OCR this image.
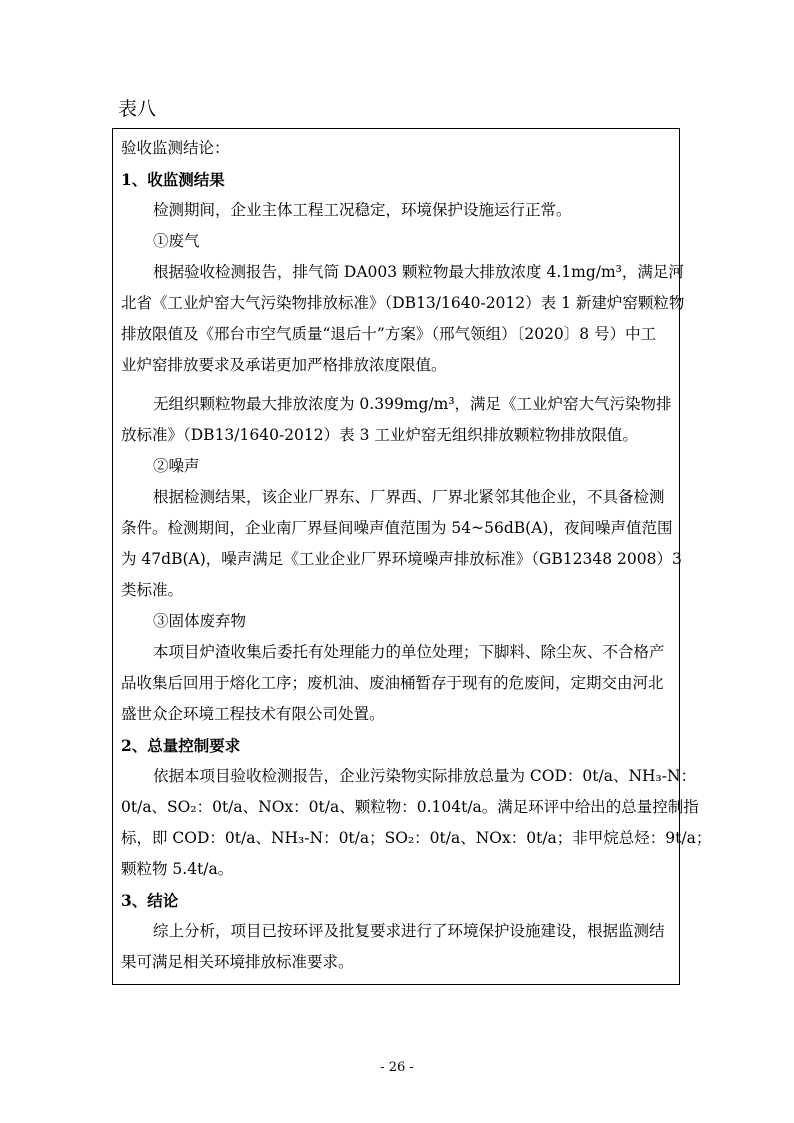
表八
验收监测结论：
1、收监测结果
检测期间，企业主体工程工况稳定，环境保护设施运行正常。
①废气
根据验收检测报告，排气筒 DA003 颗粒物最大排放浓度 4.1mg/m³，满足河
北省《工业炉窑大气污染物排放标准》（DB13/1640-2012）表 1 新建炉窑颗粒物
排放限值及《邢台市空气质量“退后十”方案》（邢气领组）〔2020〕8 号）中工
业炉窑排放要求及承诺更加严格排放浓度限值。
无组织颗粒物最大排放浓度为 0.399mg/m³，满足《工业炉窑大气污染物排
放标准》（DB13/1640-2012）表 3 工业炉窑无组织排放颗粒物排放限值。
②噪声
根据检测结果，该企业厂界东、厂界西、厂界北紧邻其他企业，不具备检测
条件。检测期间，企业南厂界昼间噪声值范围为 54~56dB(A)，夜间噪声值范围
为 47dB(A)，噪声满足《工业企业厂界环境噪声排放标准》（GB12348 2008）3
类标准。
③固体废弃物
本项目炉渣收集后委托有处理能力的单位处理；下脚料、除尘灰、不合格产
品收集后回用于熔化工序；废机油、废油桶暂存于现有的危废间，定期交由河北
盛世众企环境工程技术有限公司处置。
2、总量控制要求
依据本项目验收检测报告，企业污染物实际排放总量为 COD：0t/a、NH₃-N：
0t/a、SO₂：0t/a、NOx：0t/a、颗粒物：0.104t/a。满足环评中给出的总量控制指
标，即 COD：0t/a、NH₃-N：0t/a；SO₂：0t/a、NOx：0t/a；非甲烷总烃：9t/a；
颗粒物 5.4t/a。
3、结论
综上分析，项目已按环评及批复要求进行了环境保护设施建设，根据监测结
果可满足相关环境排放标准要求。
- 26 -
